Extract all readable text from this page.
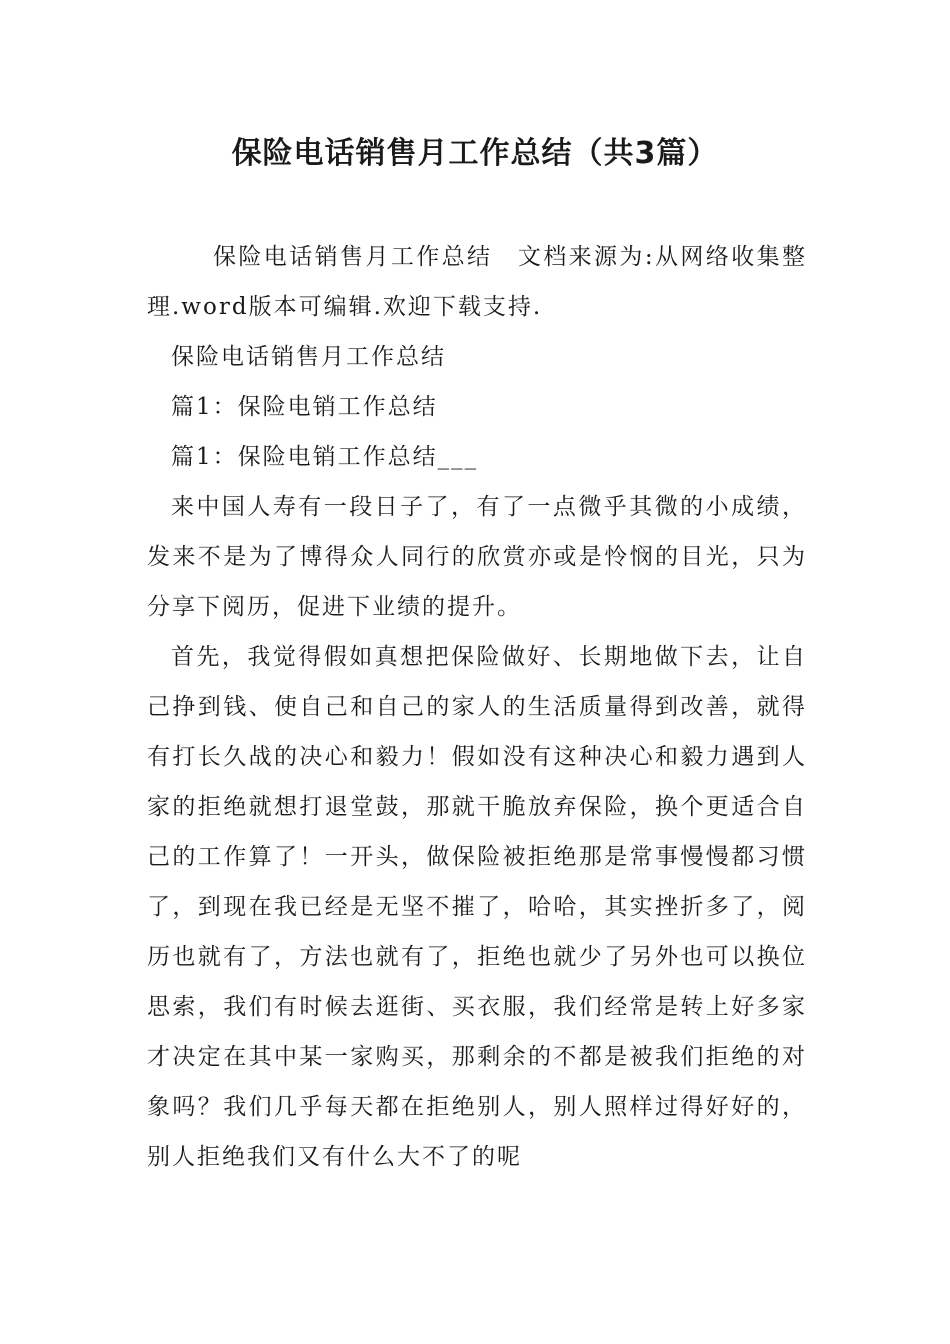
保险电话销售月工作总结（共3篇）

保险电话销售月工作总结　文档来源为:从网络收集整理.word版本可编辑.欢迎下载支持.

保险电话销售月工作总结

篇1：保险电销工作总结

篇1：保险电销工作总结___

来中国人寿有一段日子了，有了一点微乎其微的小成绩，发来不是为了博得众人同行的欣赏亦或是怜悯的目光，只为分享下阅历，促进下业绩的提升。

首先，我觉得假如真想把保险做好、长期地做下去，让自己挣到钱、使自己和自己的家人的生活质量得到改善，就得有打长久战的决心和毅力！假如没有这种决心和毅力遇到人家的拒绝就想打退堂鼓，那就干脆放弃保险，换个更适合自己的工作算了！一开头，做保险被拒绝那是常事慢慢都习惯了，到现在我已经是无坚不摧了，哈哈，其实挫折多了，阅历也就有了，方法也就有了，拒绝也就少了另外也可以换位思索，我们有时候去逛街、买衣服，我们经常是转上好多家才决定在其中某一家购买，那剩余的不都是被我们拒绝的对象吗？我们几乎每天都在拒绝别人，别人照样过得好好的，别人拒绝我们又有什么大不了的呢
